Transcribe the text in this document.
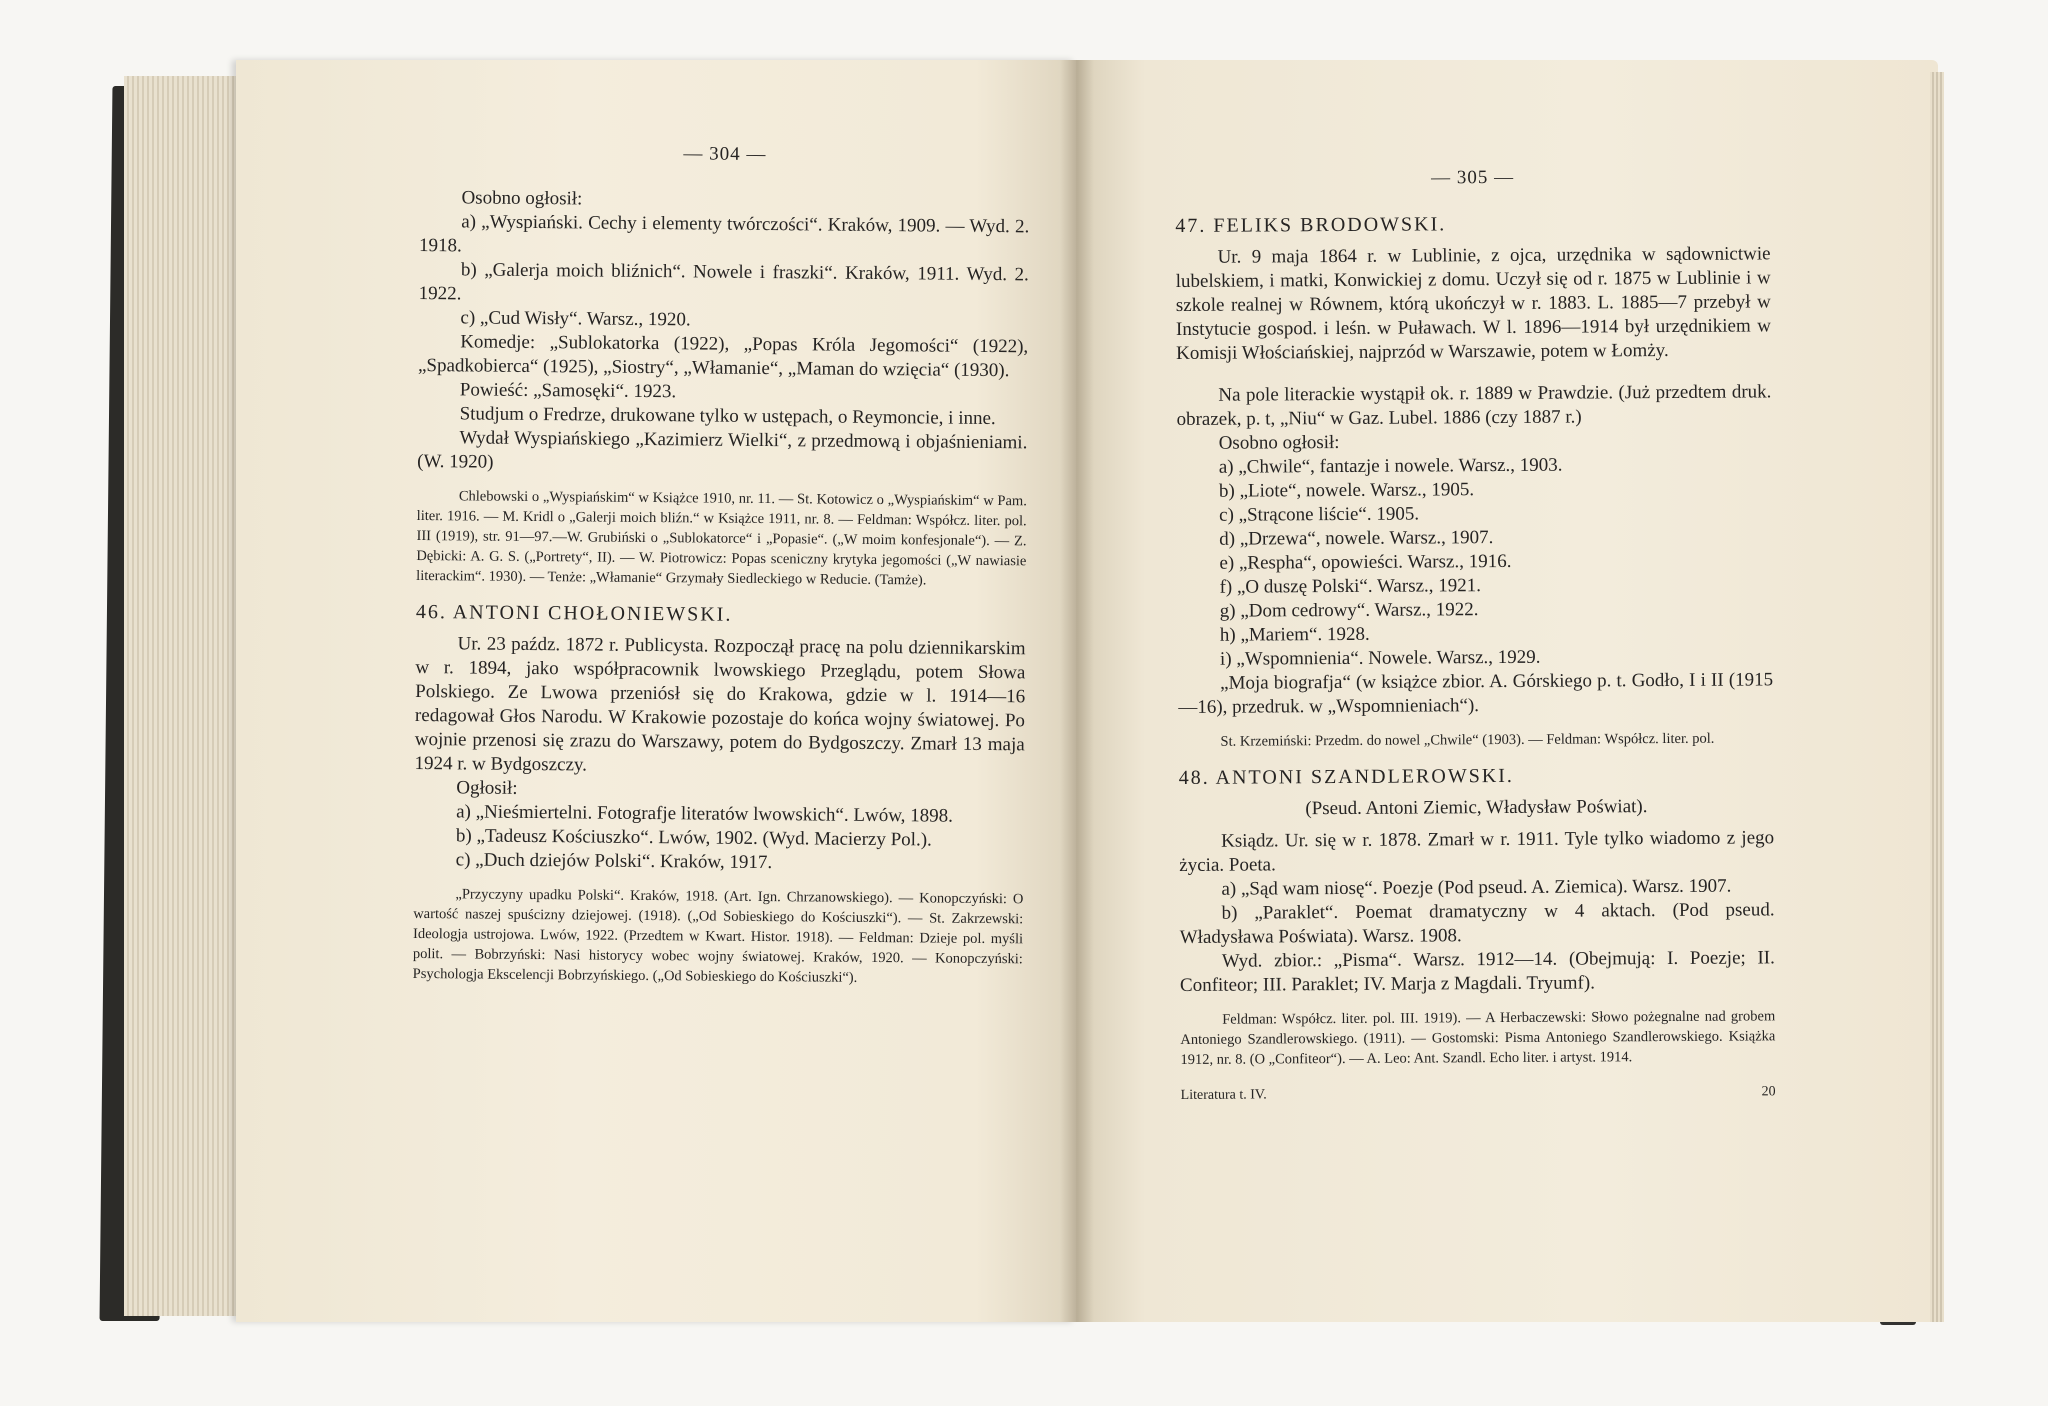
— 304 —

Osobno ogłosił:

a) „Wyspiański. Cechy i elementy twórczości“. Kraków, 1909. — Wyd. 2. 1918.

b) „Galerja moich bliźnich“. Nowele i fraszki“. Kraków, 1911. Wyd. 2. 1922.

c) „Cud Wisły“. Warsz., 1920.

Komedje: „Sublokatorka (1922), „Popas Króla Jegomości“ (1922), „Spadkobierca“ (1925), „Siostry“, „Włamanie“, „Maman do wzięcia“ (1930).

Powieść: „Samosęki“. 1923.

Studjum o Fredrze, drukowane tylko w ustępach, o Reymoncie, i inne.

Wydał Wyspiańskiego „Kazimierz Wielki“, z przedmową i objaśnieniami. (W. 1920)

Chlebowski o „Wyspiańskim“ w Książce 1910, nr. 11. — St. Kotowicz o „Wyspiańskim“ w Pam. liter. 1916. — M. Kridl o „Galerji moich bliźn.“ w Książce 1911, nr. 8. — Feldman: Współcz. liter. pol. III (1919), str. 91—97.—W. Grubiński o „Sublokatorce“ i „Popasie“. („W moim konfesjonale“). — Z. Dębicki: A. G. S. („Portrety“, II). — W. Piotrowicz: Popas sceniczny krytyka jegomości („W nawiasie literackim“. 1930). — Tenże: „Włamanie“ Grzymały Siedleckiego w Reducie. (Tamże).

46. ANTONI CHOŁONIEWSKI.

Ur. 23 paźdz. 1872 r. Publicysta. Rozpoczął pracę na polu dziennikarskim w r. 1894, jako współpracownik lwowskiego Przeglądu, potem Słowa Polskiego. Ze Lwowa przeniósł się do Krakowa, gdzie w l. 1914—16 redagował Głos Narodu. W Krakowie pozostaje do końca wojny światowej. Po wojnie przenosi się zrazu do Warszawy, potem do Bydgoszczy. Zmarł 13 maja 1924 r. w Bydgoszczy.

Ogłosił:

a) „Nieśmiertelni. Fotografje literatów lwowskich“. Lwów, 1898.

b) „Tadeusz Kościuszko“. Lwów, 1902. (Wyd. Macierzy Pol.).

c) „Duch dziejów Polski“. Kraków, 1917.

„Przyczyny upadku Polski“. Kraków, 1918. (Art. Ign. Chrzanowskiego). — Konopczyński: O wartość naszej spuścizny dziejowej. (1918). („Od Sobieskiego do Kościuszki“). — St. Zakrzewski: Ideologja ustrojowa. Lwów, 1922. (Przedtem w Kwart. Histor. 1918). — Feldman: Dzieje pol. myśli polit. — Bobrzyński: Nasi historycy wobec wojny światowej. Kraków, 1920. — Konopczyński: Psychologja Ekscelencji Bobrzyńskiego. („Od Sobieskiego do Kościuszki“).

— 305 —
47. FELIKS BRODOWSKI.

Ur. 9 maja 1864 r. w Lublinie, z ojca, urzędnika w sądownictwie lubelskiem, i matki, Konwickiej z domu. Uczył się od r. 1875 w Lublinie i w szkole realnej w Równem, którą ukończył w r. 1883. L. 1885—7 przebył w Instytucie gospod. i leśn. w Puławach. W l. 1896—1914 był urzędnikiem w Komisji Włościańskiej, najprzód w Warszawie, potem w Łomży.

Na pole literackie wystąpił ok. r. 1889 w Prawdzie. (Już przedtem druk. obrazek, p. t, „Niu“ w Gaz. Lubel. 1886 (czy 1887 r.)

Osobno ogłosił:

a) „Chwile“, fantazje i nowele. Warsz., 1903.

b) „Liote“, nowele. Warsz., 1905.

c) „Strącone liście“. 1905.

d) „Drzewa“, nowele. Warsz., 1907.

e) „Respha“, opowieści. Warsz., 1916.

f) „O duszę Polski“. Warsz., 1921.

g) „Dom cedrowy“. Warsz., 1922.

h) „Mariem“. 1928.

i) „Wspomnienia“. Nowele. Warsz., 1929.

„Moja biografja“ (w książce zbior. A. Górskiego p. t. Godło, I i II (1915—16), przedruk. w „Wspomnieniach“).

St. Krzemiński: Przedm. do nowel „Chwile“ (1903). — Feldman: Współcz. liter. pol.

48. ANTONI SZANDLEROWSKI.

(Pseud. Antoni Ziemic, Władysław Poświat).

Ksiądz. Ur. się w r. 1878. Zmarł w r. 1911. Tyle tylko wiadomo z jego życia. Poeta.

a) „Sąd wam niosę“. Poezje (Pod pseud. A. Ziemica). Warsz. 1907.

b) „Paraklet“. Poemat dramatyczny w 4 aktach. (Pod pseud. Władysława Poświata). Warsz. 1908.

Wyd. zbior.: „Pisma“. Warsz. 1912—14. (Obejmują: I. Poezje; II. Confiteor; III. Paraklet; IV. Marja z Magdali. Tryumf).

Feldman: Współcz. liter. pol. III. 1919). — A Herbaczewski: Słowo pożegnalne nad grobem Antoniego Szandlerowskiego. (1911). — Gostomski: Pisma Antoniego Szandlerowskiego. Książka 1912, nr. 8. (O „Confiteor“). — A. Leo: Ant. Szandl. Echo liter. i artyst. 1914.

Literatura t. IV.	20
